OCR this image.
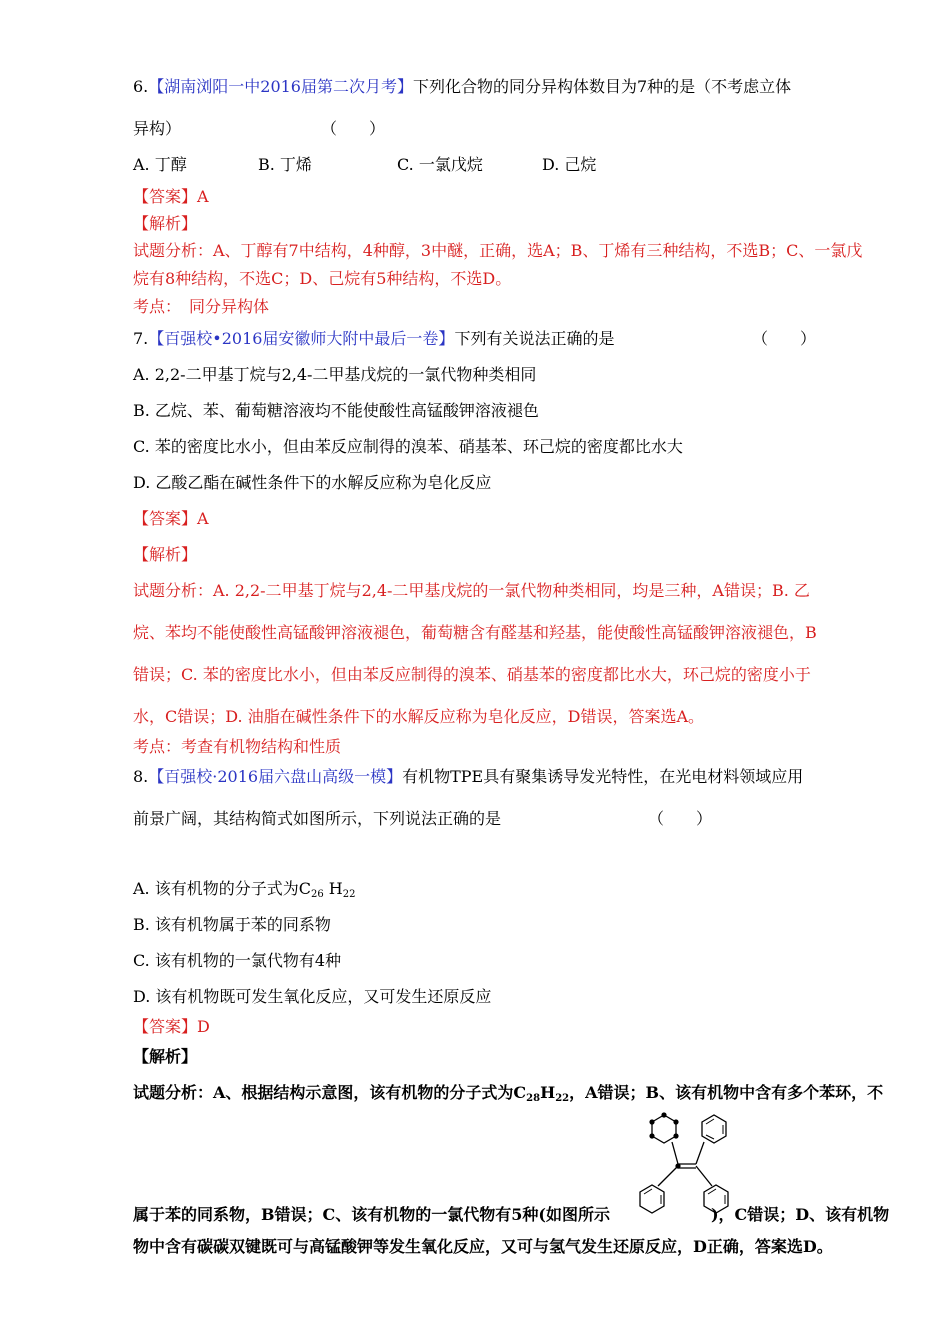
6.【湖南浏阳一中2016届第二次月考】下列化合物的同分异构体数目为7种的是（不考虑立体
异构）	（　　）
A. 丁醇	B. 丁烯	C. 一氯戊烷	D. 己烷
【答案】A
【解析】
试题分析：A、丁醇有7中结构，4种醇，3中醚，正确，选A；B、丁烯有三种结构，不选B；C、一氯戊
烷有8种结构，不选C；D、己烷有5种结构，不选D。
考点：　同分异构体
7.【百强校•2016届安徽师大附中最后一卷】下列有关说法正确的是	（　　）
A. 2,2-二甲基丁烷与2,4-二甲基戊烷的一氯代物种类相同
B. 乙烷、苯、葡萄糖溶液均不能使酸性高锰酸钾溶液褪色
C. 苯的密度比水小，但由苯反应制得的溴苯、硝基苯、环己烷的密度都比水大
D. 乙酸乙酯在碱性条件下的水解反应称为皂化反应
【答案】A
【解析】
试题分析：A. 2,2-二甲基丁烷与2,4-二甲基戊烷的一氯代物种类相同，均是三种，A错误；B. 乙
烷、苯均不能使酸性高锰酸钾溶液褪色，葡萄糖含有醛基和羟基，能使酸性高锰酸钾溶液褪色，B
错误；C. 苯的密度比水小，但由苯反应制得的溴苯、硝基苯的密度都比水大，环己烷的密度小于
水，C错误；D. 油脂在碱性条件下的水解反应称为皂化反应，D错误，答案选A。
考点：考查有机物结构和性质
8.【百强校·2016届六盘山高级一模】有机物TPE具有聚集诱导发光特性，在光电材料领域应用
前景广阔，其结构简式如图所示，下列说法正确的是	（　　）
A. 该有机物的分子式为$C_{26}$ $H_{22}$
B. 该有机物属于苯的同系物
C. 该有机物的一氯代物有4种
D. 该有机物既可发生氧化反应，又可发生还原反应
【答案】D
【解析】
试题分析：A、根据结构示意图，该有机物的分子式为$C_{28}H_{22}$，A错误；B、该有机物中含有多个苯环，不
属于苯的同系物，B错误；C、该有机物的一氯代物有5种(如图所示	)，C错误；D、该有机物
物中含有碳碳双键既可与高锰酸钾等发生氧化反应，又可与氢气发生还原反应，D正确，答案选D。
